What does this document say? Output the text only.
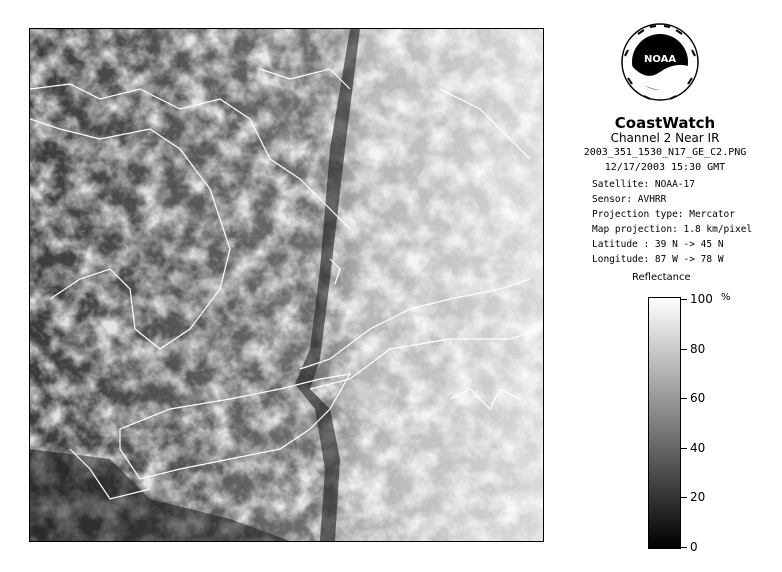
NOAA
CoastWatch
Channel 2 Near IR
2003_351_1530_N17_GE_C2.PNG
12/17/2003 15:30 GMT
Satellite: NOAA-17
Sensor: AVHRR
Projection type: Mercator
Map projection: 1.8 km/pixel
Latitude : 39 N -> 45 N
Longitude: 87 W -> 78 W
Reflectance
%
100
80
60
40
20
0
